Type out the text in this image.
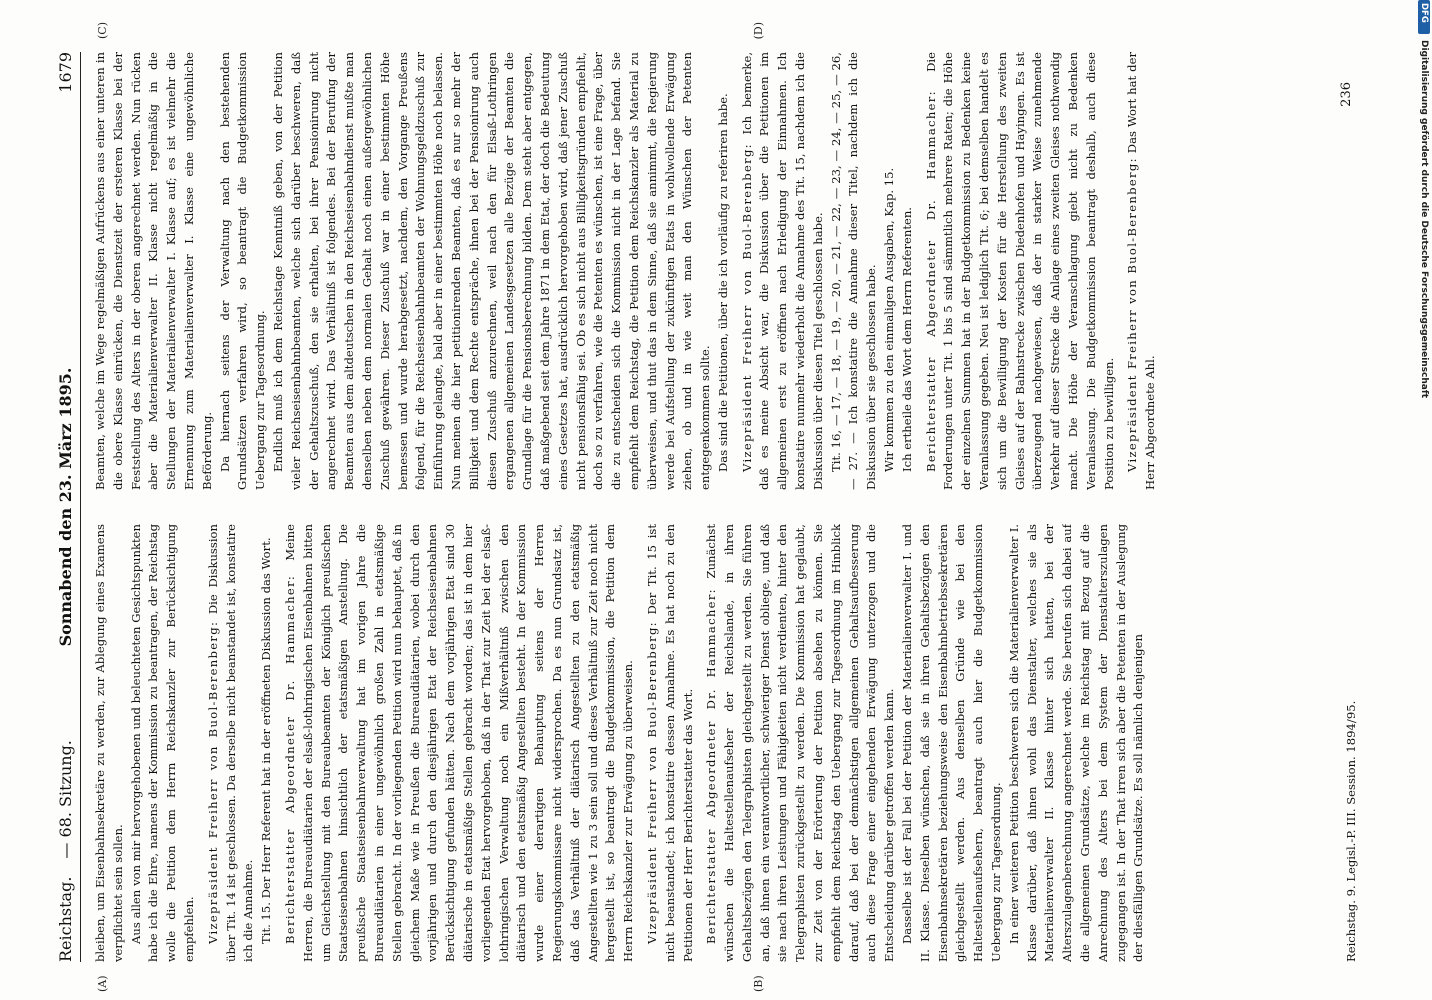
Reichstag.— 68. Sitzung.
Sonnabend den 23. März 1895.
1679

bleiben, um Eisenbahnsekretäre zu werden, zur Ablegung eines Examens verpflichtet sein sollen. Aus allen von mir hervorgehobenen und beleuchteten Gesichtspunkten habe ich die Ehre, namens der Kommission zu beantragen, der Reichstag wolle die Petition dem Herrn Reichskanzler zur Berücksichtigung empfehlen. Vizepräsident Freiherr von Buol-Berenberg: Die Diskussion über Tit. 14 ist geschlossen. Da derselbe nicht beanstandet ist, konstatire ich die Annahme. Tit. 15. Der Herr Referent hat in der eröffneten Diskussion das Wort. Berichterstatter Abgeordneter Dr. Hammacher: Meine Herren, die Bureaudiätarien der elsaß-lothringischen Eisenbahnen bitten um Gleichstellung mit den Bureaubeamten der Königlich preußischen Staatseisenbahnen hinsichtlich der etatsmäßigen Anstellung. Die preußische Staatseisenbahnverwaltung hat im vorigen Jahre die Bureaudiätarien in einer ungewöhnlich großen Zahl in etatsmäßige Stellen gebracht. In der vorliegenden Petition wird nun behauptet, daß in gleichem Maße wie in Preußen die Bureaudiätarien, wobei durch den vorjährigen und durch den diesjährigen Etat der Reichseisenbahnen Berücksichtigung gefunden hätten. Nach dem vorjährigen Etat sind 30 diätarische in etatsmäßige Stellen gebracht worden; das ist in dem hier vorliegenden Etat hervorgehoben, daß in der That zur Zeit bei der elsaß-lothringischen Verwaltung noch ein Mißverhältniß zwischen den diätarisch und den etatsmäßig Angestellten besteht. In der Kommission wurde einer derartigen Behauptung seitens der Herren Regierungskommissare nicht widersprochen. Da es nun Grundsatz ist, daß das Verhältniß der diätarisch Angestellten zu den etatsmäßig Angestellten wie 1 zu 3 sein soll und dieses Verhältniß zur Zeit noch nicht hergestellt ist, so beantragt die Budgetkommission, die Petition dem Herrn Reichskanzler zur Erwägung zu überweisen. Vizepräsident Freiherr von Buol-Berenberg: Der Tit. 15 ist nicht beanstandet; ich konstatire dessen Annahme. Es hat noch zu den Petitionen der Herr Berichterstatter das Wort. Berichterstatter Abgeordneter Dr. Hammacher: Zunächst wünschen die Haltestellenaufseher der Reichslande, in ihren Gehaltsbezügen den Telegraphisten gleichgestellt zu werden. Sie führen an, daß ihnen ein verantwortlicher, schwieriger Dienst obliege, und daß sie nach ihren Leistungen und Fähigkeiten nicht verdienten, hinter den Telegraphisten zurückgestellt zu werden. Die Kommission hat geglaubt, zur Zeit von der Erörterung der Petition absehen zu können. Sie empfiehlt dem Reichstag den Uebergang zur Tagesordnung im Hinblick darauf, daß bei der demnächstigen allgemeinen Gehaltsaufbesserung auch diese Frage einer eingehenden Erwägung unterzogen und die Entscheidung darüber getroffen werden kann. Dasselbe ist der Fall bei der Petition der Materialienverwalter I. und II. Klasse. Dieselben wünschen, daß sie in ihren Gehaltsbezügen den Eisenbahnsekretären beziehungsweise den Eisenbahnbetriebssekretären gleichgestellt werden. Aus denselben Gründe wie bei den Haltestellenaufsehern, beantragt auch hier die Budgetkommission Uebergang zur Tagesordnung. In einer weiteren Petition beschweren sich die Materialienverwalter I. Klasse darüber, daß ihnen wohl das Dienstalter, welches sie als Materialienverwalter II. Klasse hinter sich hatten, bei der Alterszulagenberechnung angerechnet werde. Sie berufen sich dabei auf die allgemeinen Grundsätze, welche im Reichstag mit Bezug auf die Anrechnung des Alters bei dem System der Dienstalterszulagen zugegangen ist. In der That irren sich aber die Petenten in der Auslegung der diesfälligen Grundsätze. Es soll nämlich denjenigen

Beamten, welche im Wege regelmäßigen Aufrückens aus einer unteren in die obere Klasse einrücken, die Dienstzeit der ersteren Klasse bei der Feststellung des Alters in der oberen angerechnet werden. Nun rücken aber die Materialienverwalter II. Klasse nicht regelmäßig in die Stellungen der Materialienverwalter I. Klasse auf; es ist vielmehr die Ernennung zum Materialienverwalter I. Klasse eine ungewöhnliche Beförderung. Da hiernach seitens der Verwaltung nach den bestehenden Grundsätzen verfahren wird, so beantragt die Budgetkommission Uebergang zur Tagesordnung. Endlich muß ich dem Reichstage Kenntniß geben, von der Petition vieler Reichseisenbahnbeamten, welche sich darüber beschweren, daß der Gehaltszuschuß, den sie erhalten, bei ihrer Pensionirung nicht angerechnet wird. Das Verhältniß ist folgendes. Bei der Berufung der Beamten aus dem altdeutschen in den Reichseisenbahndienst mußte man denselben neben dem normalen Gehalt noch einen außergewöhnlichen Zuschuß gewähren. Dieser Zuschuß war in einer bestimmten Höhe bemessen und wurde herabgesetzt, nachdem, den Vorgange Preußens folgend, für die Reichseisenbahnbeamten der Wohnungsgeldzuschuß zur Einführung gelangte, bald aber in einer bestimmten Höhe noch belassen. Nun meinen die hier petitionirenden Beamten, daß es nur so mehr der Billigkeit und dem Rechte entspräche, ihnen bei der Pensionirung auch diesen Zuschuß anzurechnen, weil nach den für Elsaß-Lothringen ergangenen allgemeinen Landesgesetzen alle Bezüge der Beamten die Grundlage für die Pensionsberechnung bilden. Dem steht aber entgegen, daß maßgebend seit dem Jahre 1871 in dem Etat, der doch die Bedeutung eines Gesetzes hat, ausdrücklich hervorgehoben wird, daß jener Zuschuß nicht pensionsfähig sei. Ob es sich nicht aus Billigkeitsgründen empfiehlt, doch so zu verfahren, wie die Petenten es wünschen, ist eine Frage, über die zu entscheiden sich die Kommission nicht in der Lage befand. Sie empfiehlt dem Reichstag, die Petition dem Reichskanzler als Material zu überweisen, und thut das in dem Sinne, daß sie annimmt, die Regierung werde bei Aufstellung der zukünftigen Etats in wohlwollende Erwägung ziehen, ob und in wie weit man den Wünschen der Petenten entgegenkommen sollte. Das sind die Petitionen, über die ich vorläufig zu referiren habe. Vizepräsident Freiherr von Buol-Berenberg: Ich bemerke, daß es meine Absicht war, die Diskussion über die Petitionen im allgemeinen erst zu eröffnen nach Erledigung der Einnahmen. Ich konstatire nunmehr wiederholt die Annahme des Tit. 15, nachdem ich die Diskussion über diesen Titel geschlossen habe. Tit. 16, — 17, — 18, — 19, — 20, — 21, — 22, — 23, — 24, — 25, — 26, — 27. — Ich konstatire die Annahme dieser Titel, nachdem ich die Diskussion über sie geschlossen habe. Wir kommen zu den einmaligen Ausgaben, Kap. 15. Ich ertheile das Wort dem Herrn Referenten. Berichterstatter Abgeordneter Dr. Hammacher: Die Forderungen unter Tit. 1 bis 5 sind sämmtlich mehrere Raten; die Höhe der einzelnen Summen hat in der Budgetkommission zu Bedenken keine Veranlassung gegeben. Neu ist lediglich Tit. 6; bei demselben handelt es sich um die Bewilligung der Kosten für die Herstellung des zweiten Gleises auf der Bahnstrecke zwischen Diedenhofen und Hayingen. Es ist überzeugend nachgewiesen, daß der in starker Weise zunehmende Verkehr auf dieser Strecke die Anlage eines zweiten Gleises nothwendig macht. Die Höhe der Veranschlagung giebt nicht zu Bedenken Veranlassung. Die Budgetkommission beantragt deshalb, auch diese Position zu bewilligen. Vizepräsident Freiherr von Buol-Berenberg: Das Wort hat der Herr Abgeordnete Ahl.

(A)	(B)
(C)	(D)
Reichstag. 9. Legisl.-P. III. Session. 1894/95.
236
DFG
Digitalisierung gefördert durch die Deutsche Forschungsgemeinschaft
